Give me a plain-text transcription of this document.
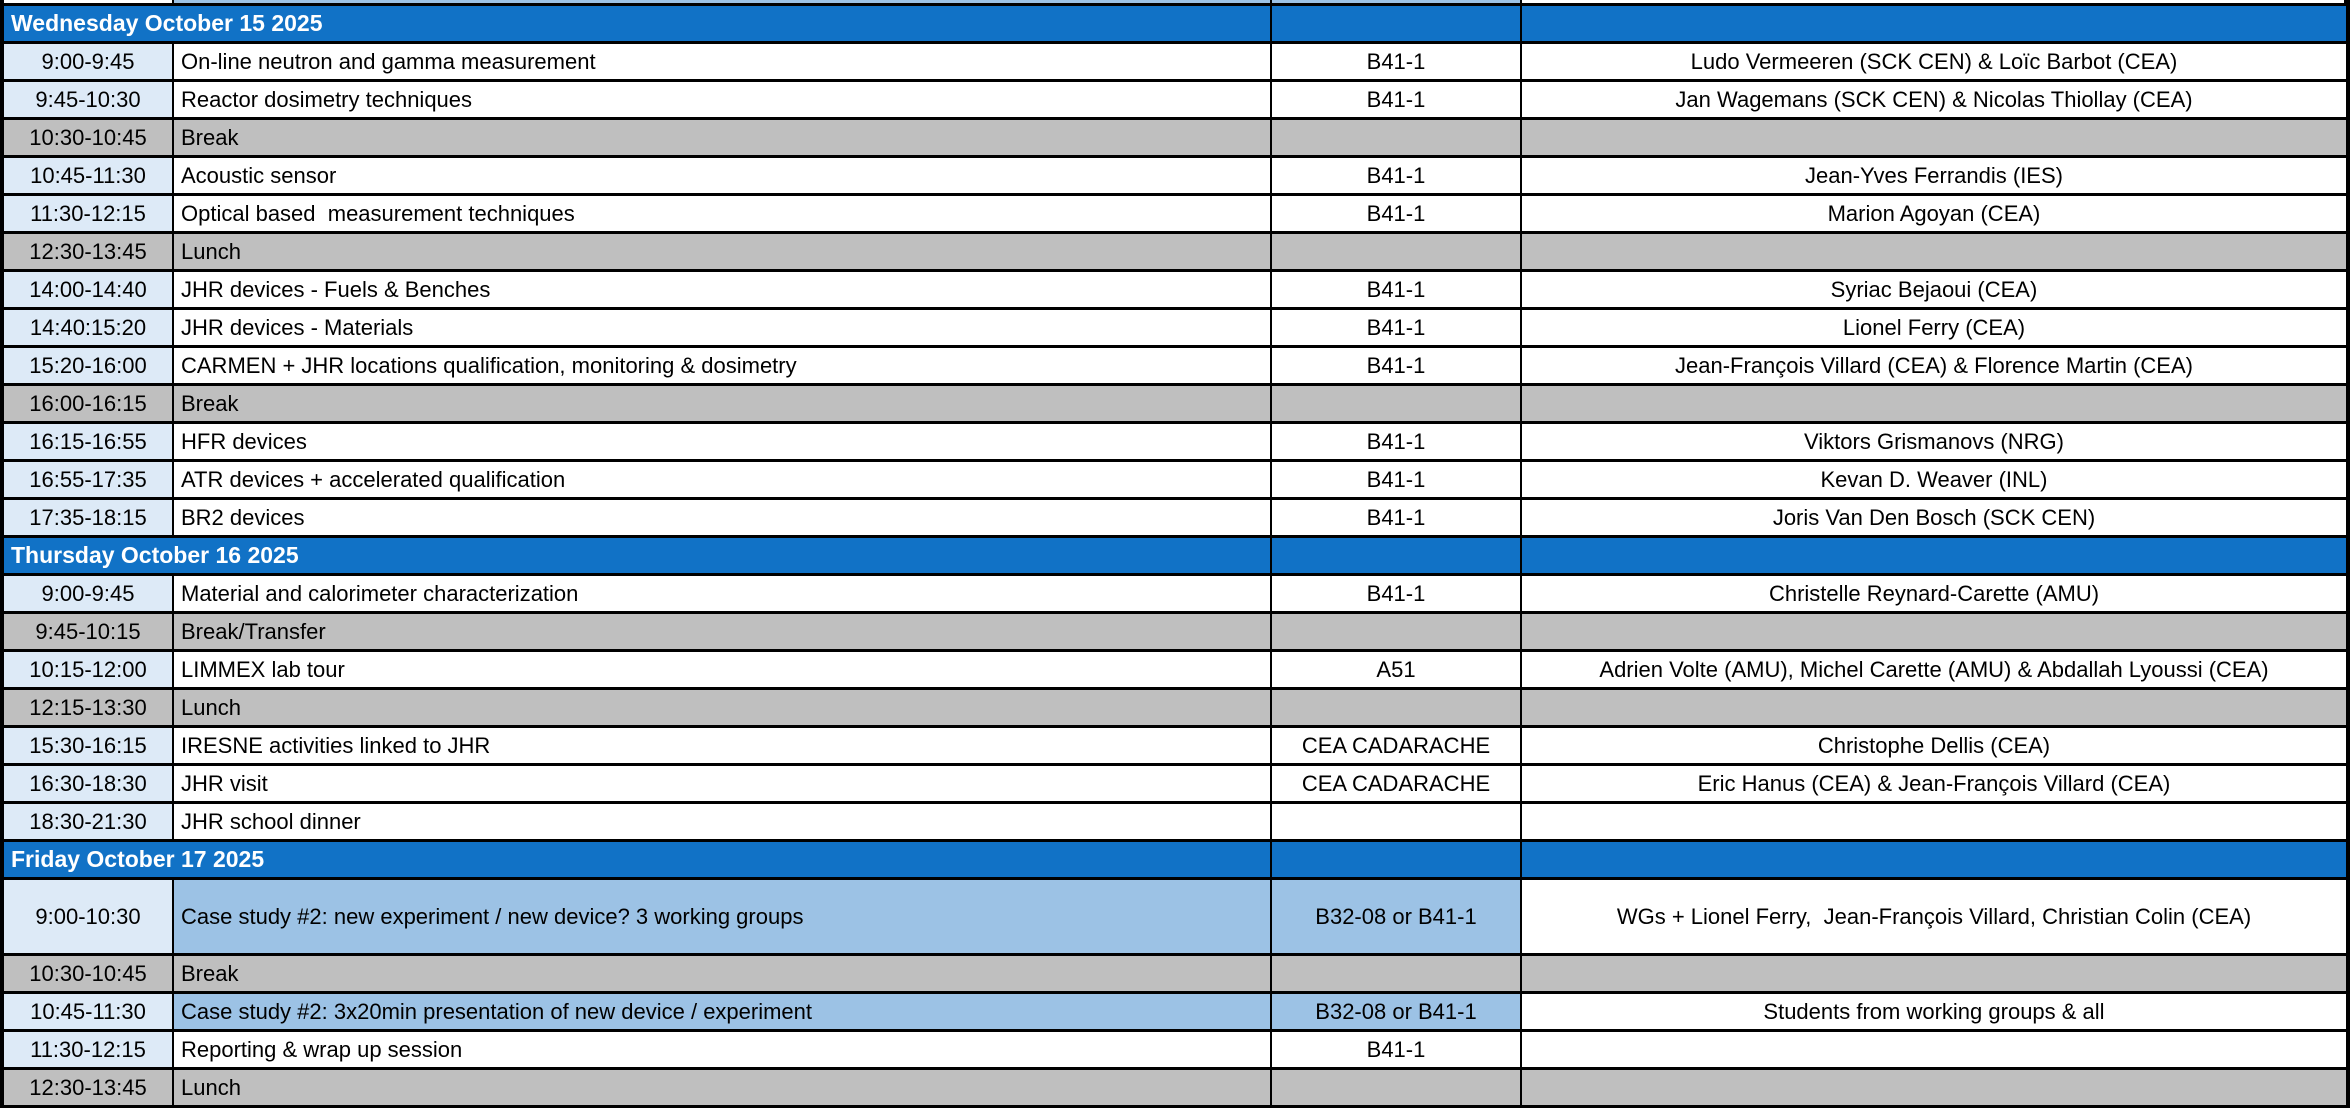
Wednesday October 15 2025
9:00-9:45	On-line neutron and gamma measurement	B41-1	Ludo Vermeeren (SCK CEN) & Loïc Barbot (CEA)
9:45-10:30	Reactor dosimetry techniques	B41-1	Jan Wagemans (SCK CEN) & Nicolas Thiollay (CEA)
10:30-10:45	Break
10:45-11:30	Acoustic sensor	B41-1	Jean-Yves Ferrandis (IES)
11:30-12:15	Optical based  measurement techniques	B41-1	Marion Agoyan (CEA)
12:30-13:45	Lunch
14:00-14:40	JHR devices - Fuels & Benches	B41-1	Syriac Bejaoui (CEA)
14:40:15:20	JHR devices - Materials	B41-1	Lionel Ferry (CEA)
15:20-16:00	CARMEN + JHR locations qualification, monitoring & dosimetry	B41-1	Jean-François Villard (CEA) & Florence Martin (CEA)
16:00-16:15	Break
16:15-16:55	HFR devices	B41-1	Viktors Grismanovs (NRG)
16:55-17:35	ATR devices + accelerated qualification	B41-1	Kevan D. Weaver (INL)
17:35-18:15	BR2 devices	B41-1	Joris Van Den Bosch (SCK CEN)
Thursday October 16 2025
9:00-9:45	Material and calorimeter characterization	B41-1	Christelle Reynard-Carette (AMU)
9:45-10:15	Break/Transfer
10:15-12:00	LIMMEX lab tour	A51	Adrien Volte (AMU), Michel Carette (AMU) & Abdallah Lyoussi (CEA)
12:15-13:30	Lunch
15:30-16:15	IRESNE activities linked to JHR	CEA CADARACHE	Christophe Dellis (CEA)
16:30-18:30	JHR visit	CEA CADARACHE	Eric Hanus (CEA) & Jean-François Villard (CEA)
18:30-21:30	JHR school dinner
Friday October 17 2025
9:00-10:30	Case study #2: new experiment / new device? 3 working groups	B32-08 or B41-1	WGs + Lionel Ferry,  Jean-François Villard, Christian Colin (CEA)
10:30-10:45	Break
10:45-11:30	Case study #2: 3x20min presentation of new device / experiment	B32-08 or B41-1	Students from working groups & all
11:30-12:15	Reporting & wrap up session	B41-1
12:30-13:45	Lunch
